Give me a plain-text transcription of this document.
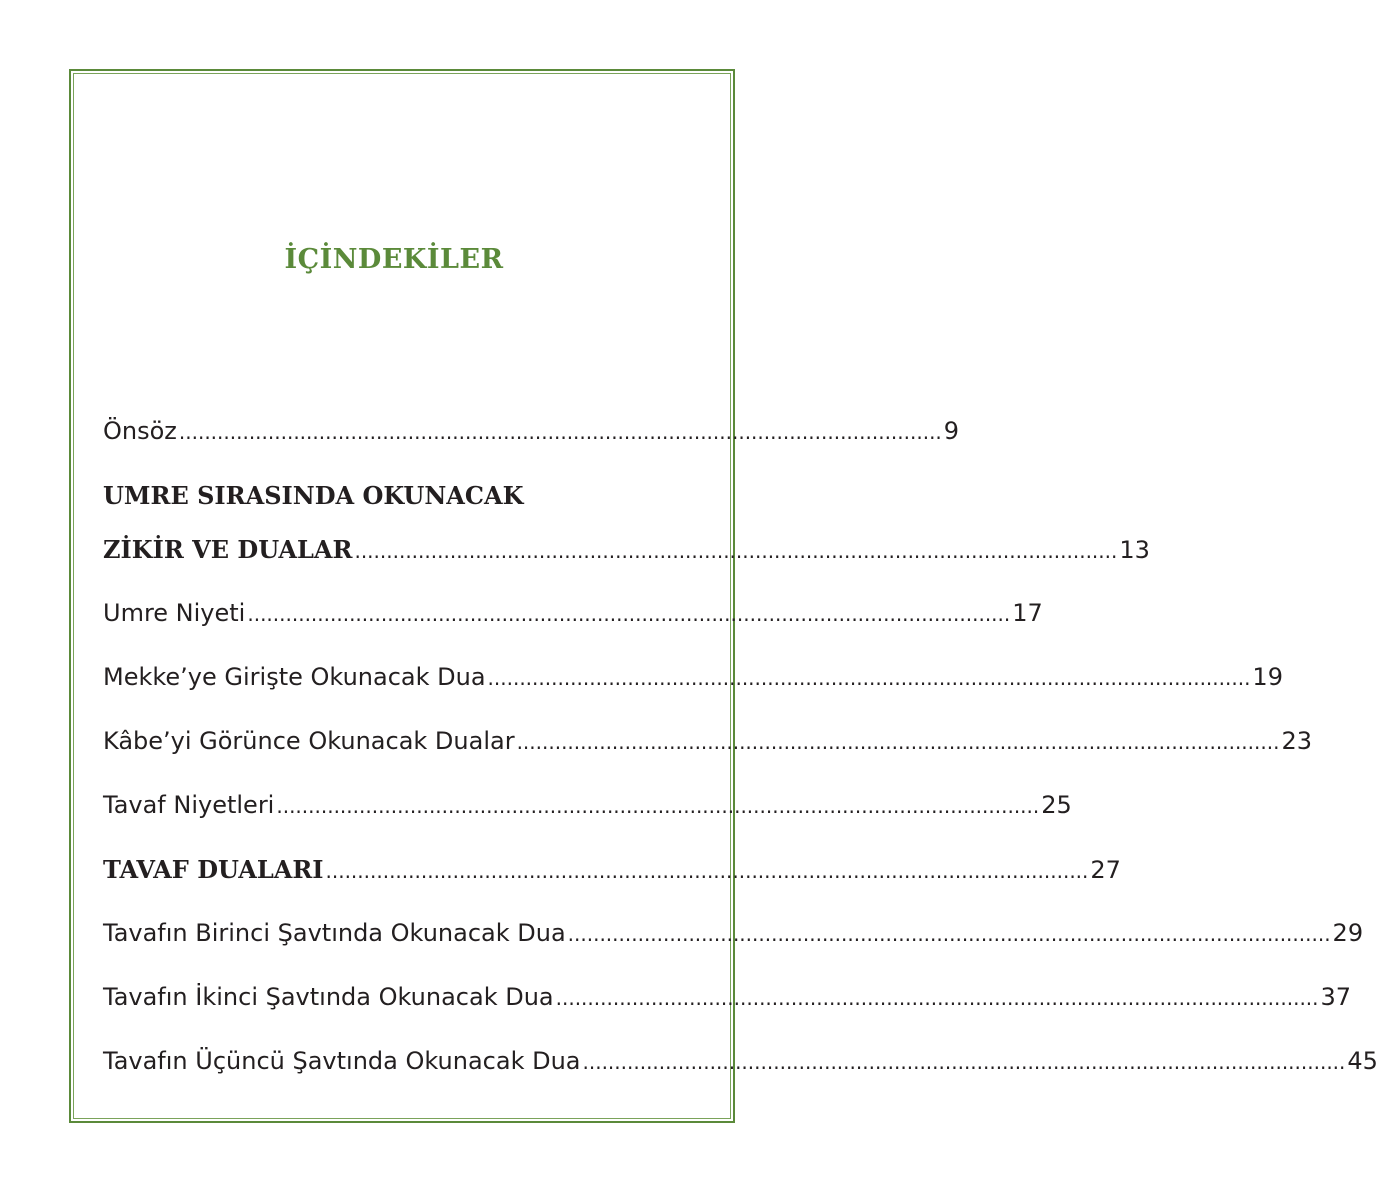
İÇİNDEKİLER
Önsöz ........................................................................................................................ 9
UMRE SIRASINDA OKUNACAK
ZİKİR VE DUALAR ........................................................................................................................ 13
Umre Niyeti ........................................................................................................................ 17
Mekke’ye Girişte Okunacak Dua ........................................................................................................................ 19
Kâbe’yi Görünce Okunacak Dualar ........................................................................................................................ 23
Tavaf Niyetleri ........................................................................................................................ 25
TAVAF DUALARI ........................................................................................................................ 27
Tavafın Birinci Şavtında Okunacak Dua ........................................................................................................................ 29
Tavafın İkinci Şavtında Okunacak Dua ........................................................................................................................ 37
Tavafın Üçüncü Şavtında Okunacak Dua ........................................................................................................................ 45
